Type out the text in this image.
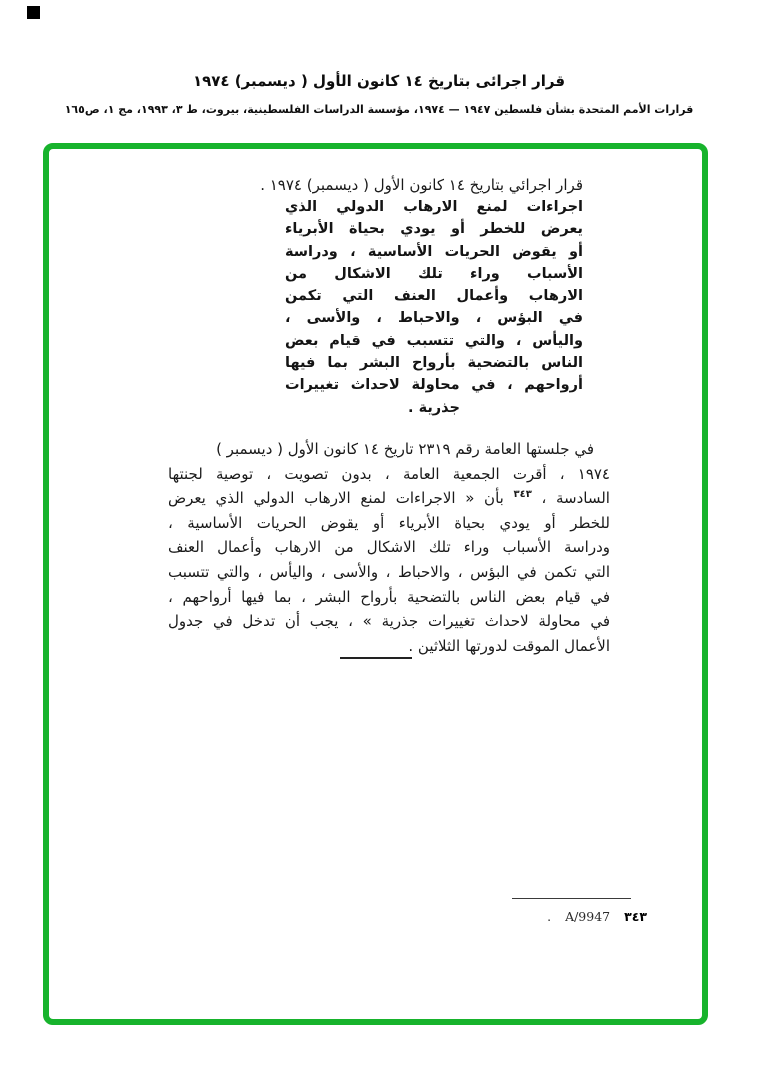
قرار اجرائى بتاريخ ١٤ كانون الأول ( ديسمبر) ١٩٧٤
قرارات الأمم المتحدة بشأن فلسطين ١٩٤٧ — ١٩٧٤، مؤسسة الدراسات الفلسطينية، بيروت، ط ٣، ١٩٩٣، مج ١، ص١٦٥
قرار اجرائي بتاريخ ١٤ كانون الأول ( ديسمبر) ١٩٧٤ .
اجراءات لمنع الارهاب الدولي الذي
يعرض للخطر أو يودي بحياة الأبرياء
أو يقوض الحريات الأساسية ، ودراسة
الأسباب وراء تلك الاشكال من
الارهاب وأعمال العنف التي تكمن
في البؤس ، والاحباط ، والأسى ،
واليأس ، والتي تتسبب في قيام بعض
الناس بالتضحية بأرواح البشر بما فيها
أرواحهم ، في محاولة لاحداث تغييرات
جذرية .
في جلستها العامة رقم ٢٣١٩ تاريخ ١٤ كانون الأول ( ديسمبر )
١٩٧٤ ، أقرت الجمعية العامة ، بدون تصويت ، توصية لجنتها
السادسة ، $^{٣٤٣}$ بأن « الاجراءات لمنع الارهاب الدولي الذي يعرض
للخطر أو يودي بحياة الأبرياء أو يقوض الحريات الأساسية ،
ودراسة الأسباب وراء تلك الاشكال من الارهاب وأعمال العنف
التي تكمن في البؤس ، والاحباط ، والأسى ، واليأس ، والتي تتسبب
في قيام بعض الناس بالتضحية بأرواح البشر ، بما فيها أرواحهم ،
في محاولة لاحداث تغييرات جذرية » ، يجب أن تدخل في جدول
الأعمال الموقت لدورتها الثلاثين .
٣٤٣ A/9947 .
